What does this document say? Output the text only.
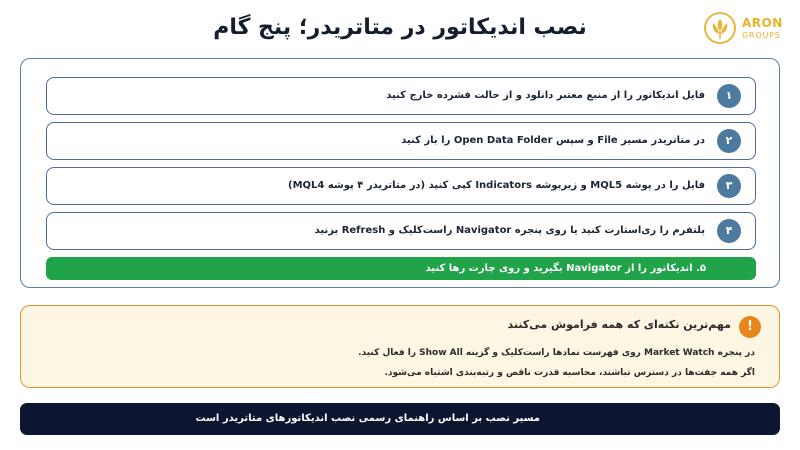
نصب اندیکاتور در متاتریدر؛ پنج گام	ARON
GROUPS
۱
فایل اندیکاتور را از منبع معتبر دانلود و از حالت فشرده خارج کنید
۲
در متاتریدر مسیر File و سپس Open Data Folder را باز کنید
۳
فایل را در پوشه MQL5 و زیرپوشه Indicators کپی کنید (در متاتریدر ۴ پوشه MQL4)
۴
پلتفرم را ری‌استارت کنید یا روی پنجره Navigator راست‌کلیک و Refresh بزنید
۵. اندیکاتور را از Navigator بگیرید و روی چارت رها کنید
!
مهم‌ترین نکته‌ای که همه فراموش می‌کنند
در پنجره Market Watch روی فهرست نمادها راست‌کلیک و گزینه Show All را فعال کنید.
اگر همه جفت‌ها در دسترس نباشند، محاسبه قدرت ناقص و رتبه‌بندی اشتباه می‌شود.
مسیر نصب بر اساس راهنمای رسمی نصب اندیکاتورهای متاتریدر است
